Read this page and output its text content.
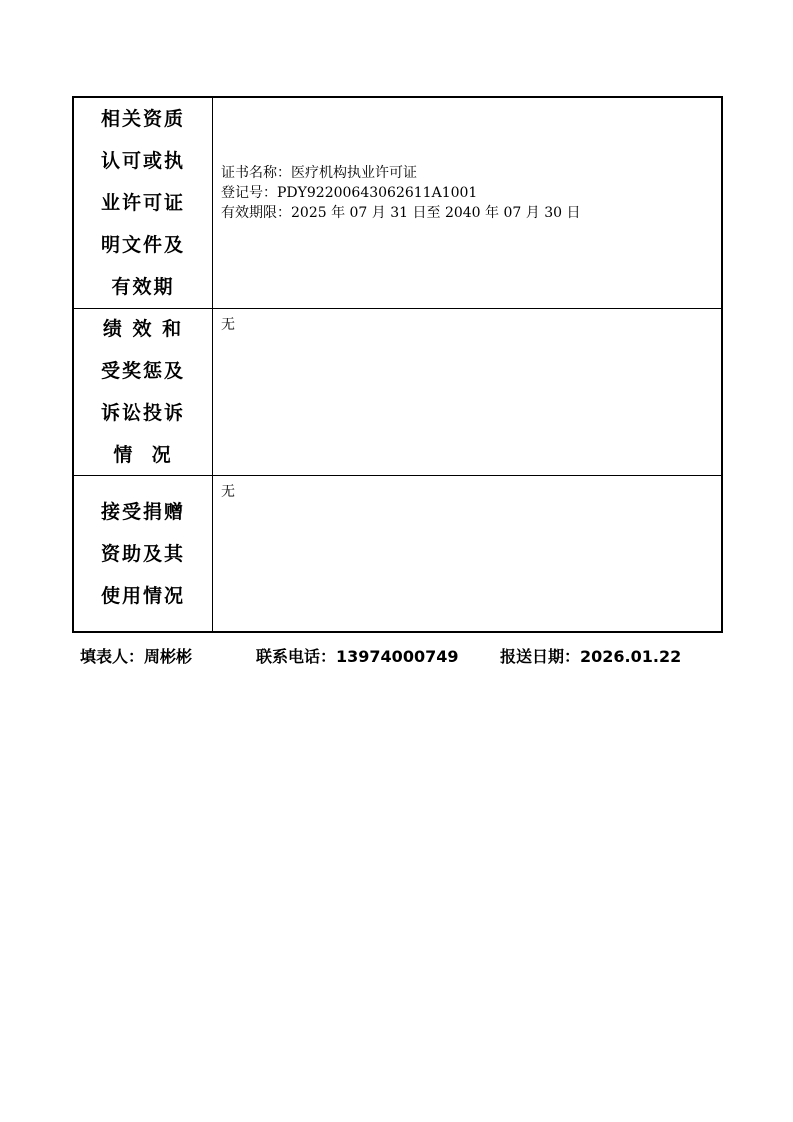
相关资质
认可或执
业许可证
明文件及
有效期
证书名称：医疗机构执业许可证
登记号：PDY92200643062611A1001
有效期限：2025 年 07 月 31 日至 2040 年 07 月 30 日
绩 效 和
受奖惩及
诉讼投诉
情  况
无
接受捐赠
资助及其
使用情况
无
填表人：周彬彬	联系电话：13974000749	报送日期：2026.01.22
